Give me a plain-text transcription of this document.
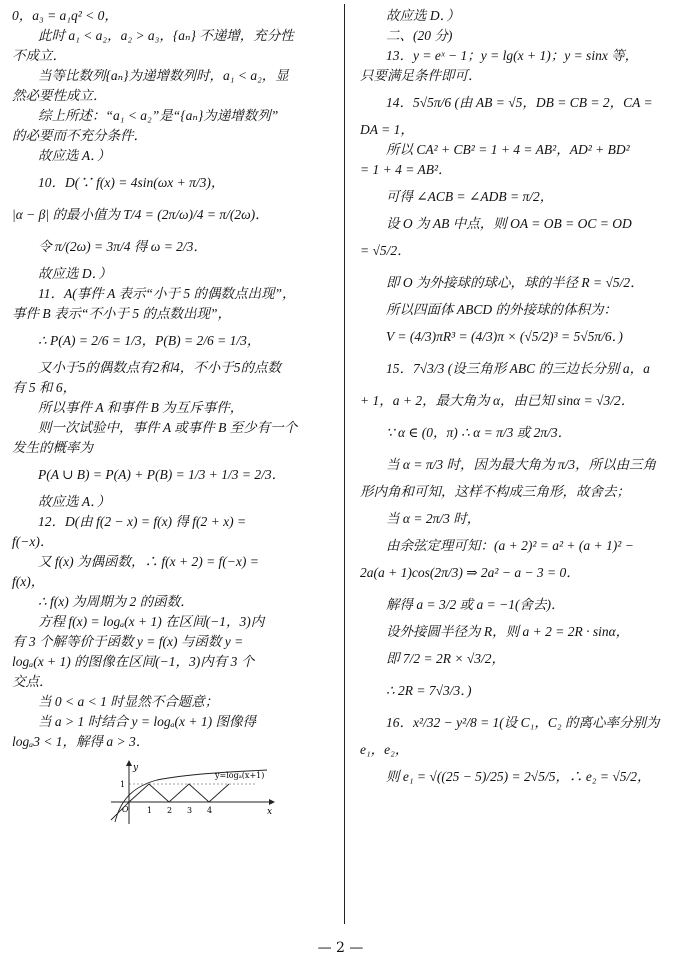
0，a₃ = a₁q² < 0，
此时 a₁ < a₂，a₂ > a₃，{aₙ} 不递增，充分性
不成立．
当等比数列{aₙ}为递增数列时，a₁ < a₂，显
然必要性成立．
综上所述：“a₁ < a₂”是“{aₙ}为递增数列”
的必要而不充分条件．
故应选 A．）
10．D(∵ f(x) = 4sin(ωx + π/3)，
|α − β| 的最小值为 T/4 = (2π/ω)/4 = π/(2ω)．
令 π/(2ω) = 3π/4 得 ω = 2/3．
故应选 D．）
11．A(事件 A 表示“小于 5 的偶数点出现”，
事件 B 表示“不小于 5 的点数出现”，
∴ P(A) = 2/6 = 1/3，P(B) = 2/6 = 1/3，
又小于5的偶数点有2和4，不小于5的点数
有 5 和 6，
所以事件 A 和事件 B 为互斥事件，
则一次试验中，事件 A 或事件 B 至少有一个
发生的概率为
P(A ∪ B) = P(A) + P(B) = 1/3 + 1/3 = 2/3．
故应选 A．）
12．D(由 f(2 − x) = f(x) 得 f(2 + x) =
f(−x)．
又 f(x) 为偶函数，∴ f(x + 2) = f(−x) =
f(x)，
∴ f(x) 为周期为 2 的函数．
方程 f(x) = logₐ(x + 1) 在区间(−1，3)内
有 3 个解等价于函数 y = f(x) 与函数 y =
logₐ(x + 1) 的图像在区间(−1，3)内有 3 个
交点．
当 0 < a < 1 时显然不合题意；
当 a > 1 时结合 y = logₐ(x + 1) 图像得
logₐ3 < 1，解得 a > 3．
y
x
O
1
1 2 3 4
y=logₐ(x+1)
故应选 D．）
二、(20 分)
13．y = eˣ − 1；y = lg(x + 1)；y = sinx 等，
只要满足条件即可．
14．5√5π/6 (由 AB = √5，DB = CB = 2，CA =
DA = 1，
所以 CA² + CB² = 1 + 4 = AB²，AD² + BD²
= 1 + 4 = AB²．
可得 ∠ACB = ∠ADB = π/2，
设 O 为 AB 中点，则 OA = OB = OC = OD
= √5/2．
即 O 为外接球的球心，球的半径 R = √5/2．
所以四面体 ABCD 的外接球的体积为：
V = (4/3)πR³ = (4/3)π × (√5/2)³ = 5√5π/6．)
15．7√3/3 (设三角形 ABC 的三边长分别 a，a
+ 1，a + 2，最大角为 α，由已知 sinα = √3/2．
∵ α ∈ (0，π) ∴ α = π/3 或 2π/3．
当 α = π/3 时，因为最大角为 π/3，所以由三角
形内角和可知，这样不构成三角形，故舍去；
当 α = 2π/3 时，
由余弦定理可知：(a + 2)² = a² + (a + 1)² −
2a(a + 1)cos(2π/3) ⇒ 2a² − a − 3 = 0．
解得 a = 3/2 或 a = −1(舍去)．
设外接圆半径为 R，则 a + 2 = 2R · sinα，
即 7/2 = 2R × √3/2，
∴ 2R = 7√3/3．)
16．x²/32 − y²/8 = 1(设 C₁，C₂ 的离心率分别为
e₁，e₂，
则 e₁ = √((25 − 5)/25) = 2√5/5，∴ e₂ = √5/2，
— 2 —
